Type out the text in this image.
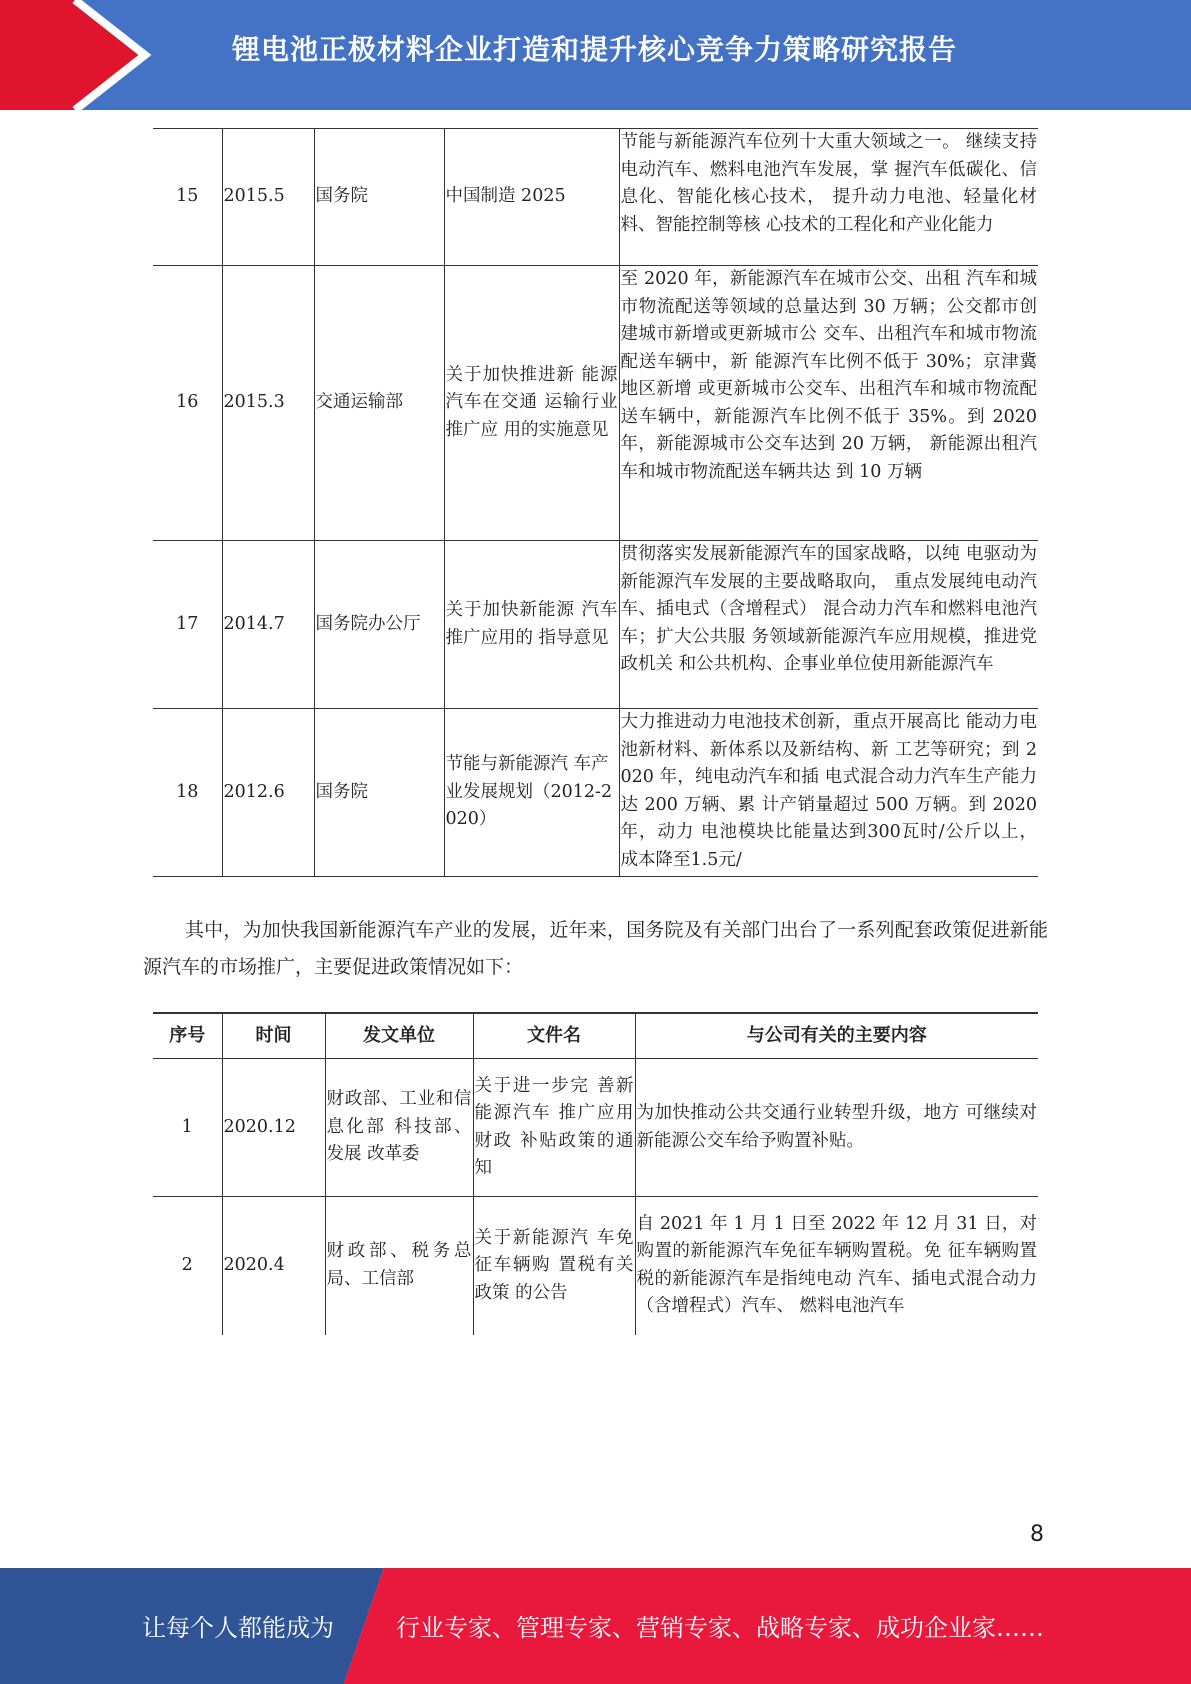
锂电池正极材料企业打造和提升核心竞争力策略研究报告
15	2015.5	国务院	中国制造 2025	节能与新能源汽车位列十大重大领域之一。 继续支持电动汽车、燃料电池汽车发展，掌 握汽车低碳化、信息化、智能化核心技术， 提升动力电池、轻量化材料、智能控制等核 心技术的工程化和产业化能力
16	2015.3	交通运输部	关于加快推进新 能源汽车在交通 运输行业推广应 用的实施意见	至 2020 年，新能源汽车在城市公交、出租 汽车和城市物流配送等领域的总量达到 30 万辆；公交都市创建城市新增或更新城市公 交车、出租汽车和城市物流配送车辆中，新 能源汽车比例不低于 30%；京津冀地区新增 或更新城市公交车、出租汽车和城市物流配 送车辆中，新能源汽车比例不低于 35%。到 2020 年，新能源城市公交车达到 20 万辆， 新能源出租汽车和城市物流配送车辆共达 到 10 万辆
17	2014.7	国务院办公厅	关于加快新能源 汽车推广应用的 指导意见	贯彻落实发展新能源汽车的国家战略，以纯 电驱动为新能源汽车发展的主要战略取向， 重点发展纯电动汽车、插电式（含增程式） 混合动力汽车和燃料电池汽车；扩大公共服 务领域新能源汽车应用规模，推进党政机关 和公共机构、企事业单位使用新能源汽车
18	2012.6	国务院	节能与新能源汽 车产业发展规划（2012-2020）	大力推进动力电池技术创新，重点开展高比 能动力电池新材料、新体系以及新结构、新 工艺等研究；到 2020 年，纯电动汽车和插 电式混合动力汽车生产能力达 200 万辆、累 计产销量超过 500 万辆。到 2020 年，动力 电池模块比能量达到300瓦时/公斤以上， 成本降至1.5元/
其中，为加快我国新能源汽车产业的发展，近年来，国务院及有关部门出台了一系列配套政策促进新能源汽车的市场推广，主要促进政策情况如下：
序号	时间	发文单位	文件名	与公司有关的主要内容
1	2020.12	财政部、工业和信息化部 科技部、发展 改革委	关于进一步完 善新能源汽车 推广应用财政 补贴政策的通 知	为加快推动公共交通行业转型升级，地方 可继续对新能源公交车给予购置补贴。
2	2020.4	财政部、税务总局、工信部	关于新能源汽 车免征车辆购 置税有关政策 的公告	自 2021 年 1 月 1 日至 2022 年 12 月 31 日，对购置的新能源汽车免征车辆购置税。免 征车辆购置税的新能源汽车是指纯电动 汽车、插电式混合动力（含增程式）汽车、 燃料电池汽车
8
让每个人都能成为	行业专家、管理专家、营销专家、战略专家、成功企业家……
